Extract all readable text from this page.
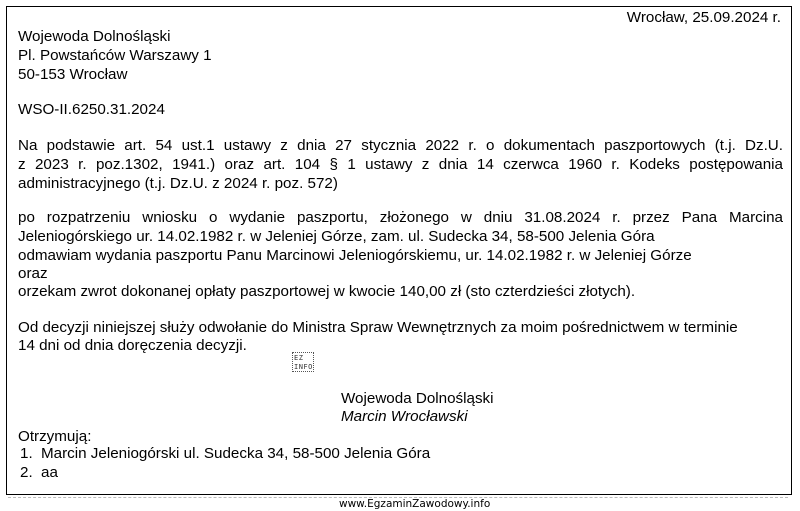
Wrocław, 25.09.2024 r.
Wojewoda Dolnośląski
Pl. Powstańców Warszawy 1
50-153 Wrocław
WSO-II.6250.31.2024
Na podstawie art. 54 ust.1 ustawy z dnia 27 stycznia 2022 r. o dokumentach paszportowych (t.j. Dz.U.
z 2023 r. poz.1302, 1941.) oraz art. 104 § 1 ustawy z dnia 14 czerwca 1960 r. Kodeks postępowania
administracyjnego (t.j. Dz.U. z 2024 r. poz. 572)
po rozpatrzeniu wniosku o wydanie paszportu, złożonego w dniu 31.08.2024 r. przez Pana Marcina
Jeleniogórskiego ur. 14.02.1982 r. w Jeleniej Górze, zam. ul. Sudecka 34, 58-500 Jelenia Góra
odmawiam wydania paszportu Panu Marcinowi Jeleniogórskiemu, ur. 14.02.1982 r. w Jeleniej Górze
oraz
orzekam zwrot dokonanej opłaty paszportowej w kwocie 140,00 zł (sto czterdzieści złotych).
Od decyzji niniejszej służy odwołanie do Ministra Spraw Wewnętrznych za moim pośrednictwem w terminie
14 dni od dnia doręczenia decyzji.
EZ
INFO
Wojewoda Dolnośląski
Marcin Wrocławski
Otrzymują:
1. Marcin Jeleniogórski ul. Sudecka 34, 58-500 Jelenia Góra
2. aa
www.EgzaminZawodowy.info
